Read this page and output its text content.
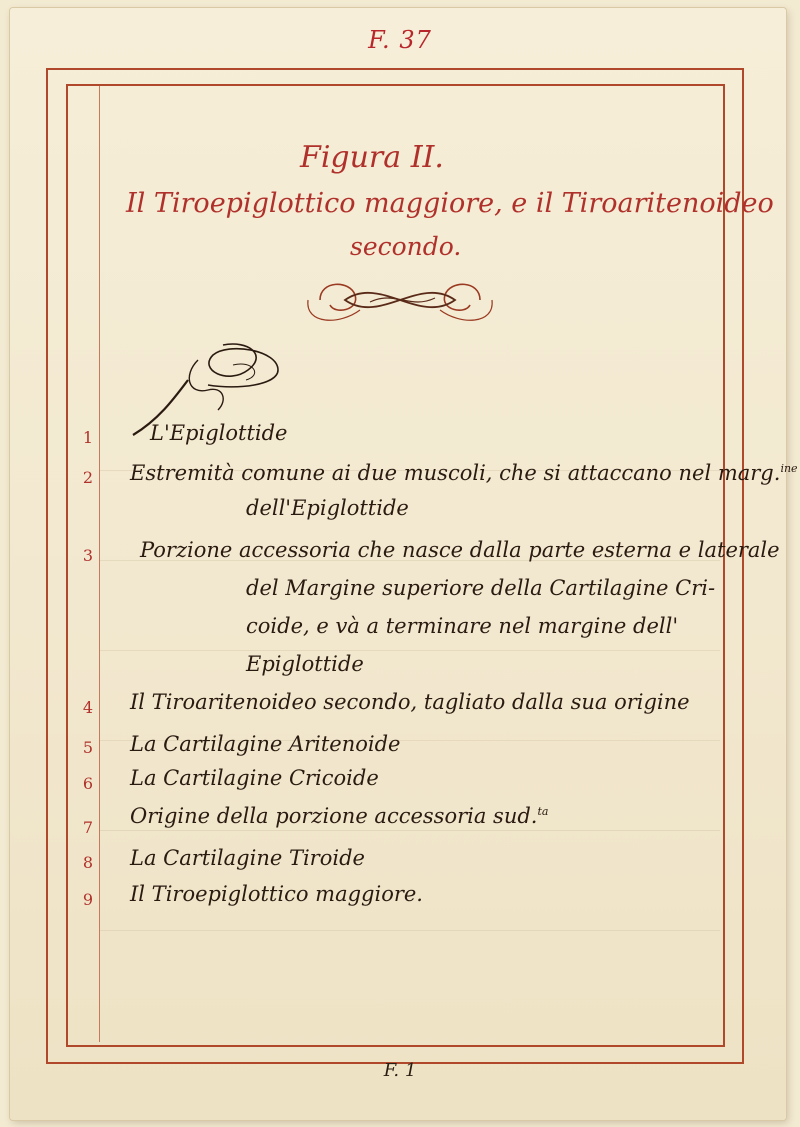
F. 37
Figura II.
Il Tiroepiglottico maggiore, e il Tiroaritenoideo
secondo.
1	L'Epiglottide
2	Estremità comune ai due muscoli, che si attaccano nel marg.$^{ine}$
dell'Epiglottide
3	Porzione accessoria che nasce dalla parte esterna e laterale
del Margine superiore della Cartilagine Cri-
coide, e và a terminare nel margine dell'
Epiglottide
4	Il Tiroaritenoideo secondo, tagliato dalla sua origine
5	La Cartilagine Aritenoide
6	La Cartilagine Cricoide
7	Origine della porzione accessoria sud.$^{ta}$
8	La Cartilagine Tiroide
9	Il Tiroepiglottico maggiore.
F. 1
